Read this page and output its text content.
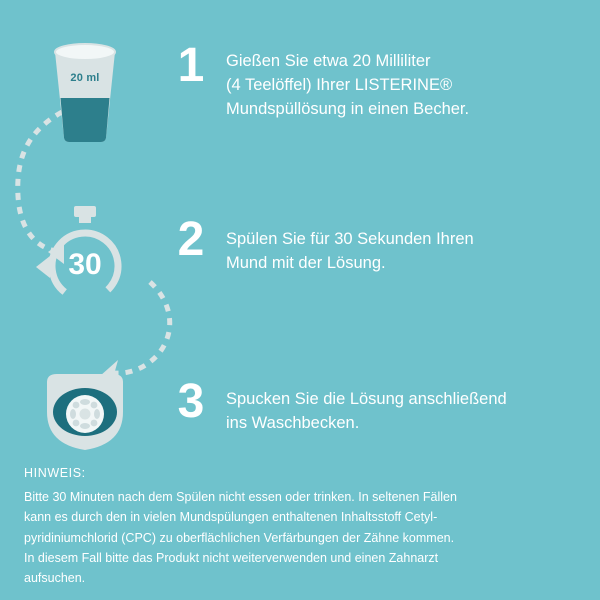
20 ml	1	Gießen Sie etwa 20 Milliliter
(4 Teelöffel) Ihrer LISTERINE®
Mundspüllösung in einen Becher.
30 2	Spülen Sie für 30 Sekunden Ihren
Mund mit der Lösung.
3	Spucken Sie die Lösung anschließend
ins Waschbecken.
HINWEIS:
Bitte 30 Minuten nach dem Spülen nicht essen oder trinken. In seltenen Fällen
kann es durch den in vielen Mundspülungen enthaltenen Inhaltsstoff Cetyl-
pyridiniumchlorid (CPC) zu oberflächlichen Verfärbungen der Zähne kommen.
In diesem Fall bitte das Produkt nicht weiterverwenden und einen Zahnarzt
aufsuchen.
